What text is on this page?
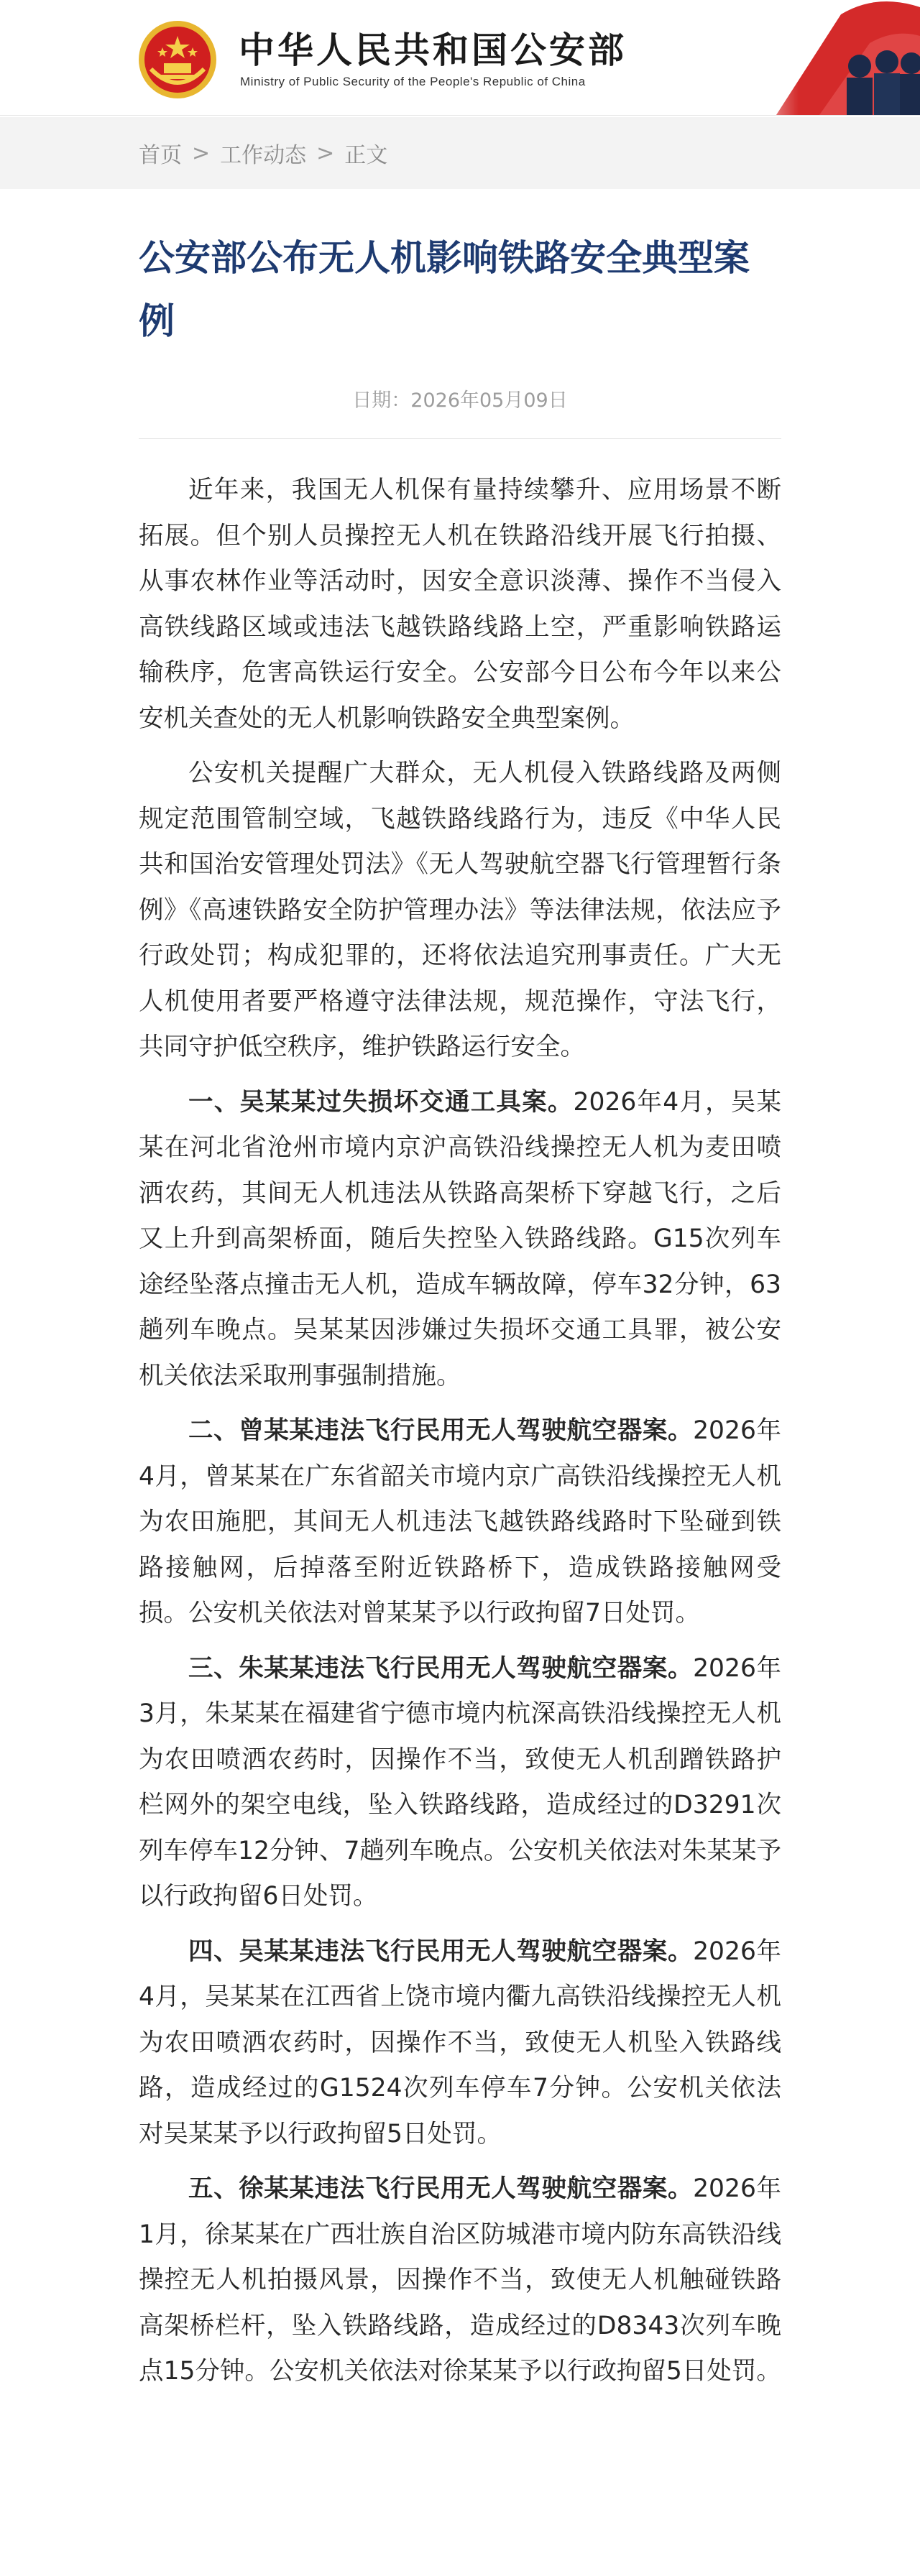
中华人民共和国公安部
Ministry of Public Security of the People's Republic of China
首页 > 工作动态 > 正文
公安部公布无人机影响铁路安全典型案例
日期：2026年05月09日

近年来，我国无人机保有量持续攀升、应用场景不断拓展。但个别人员操控无人机在铁路沿线开展飞行拍摄、从事农林作业等活动时，因安全意识淡薄、操作不当侵入高铁线路区域或违法飞越铁路线路上空，严重影响铁路运输秩序，危害高铁运行安全。公安部今日公布今年以来公安机关查处的无人机影响铁路安全典型案例。

公安机关提醒广大群众，无人机侵入铁路线路及两侧规定范围管制空域，飞越铁路线路行为，违反《中华人民共和国治安管理处罚法》《无人驾驶航空器飞行管理暂行条例》《高速铁路安全防护管理办法》等法律法规，依法应予行政处罚；构成犯罪的，还将依法追究刑事责任。广大无人机使用者要严格遵守法律法规，规范操作，守法飞行，共同守护低空秩序，维护铁路运行安全。

一、吴某某过失损坏交通工具案。2026年4月，吴某某在河北省沧州市境内京沪高铁沿线操控无人机为麦田喷洒农药，其间无人机违法从铁路高架桥下穿越飞行，之后又上升到高架桥面，随后失控坠入铁路线路。G15次列车途经坠落点撞击无人机，造成车辆故障，停车32分钟，63趟列车晚点。吴某某因涉嫌过失损坏交通工具罪，被公安机关依法采取刑事强制措施。

二、曾某某违法飞行民用无人驾驶航空器案。2026年4月，曾某某在广东省韶关市境内京广高铁沿线操控无人机为农田施肥，其间无人机违法飞越铁路线路时下坠碰到铁路接触网，后掉落至附近铁路桥下，造成铁路接触网受损。公安机关依法对曾某某予以行政拘留7日处罚。

三、朱某某违法飞行民用无人驾驶航空器案。2026年3月，朱某某在福建省宁德市境内杭深高铁沿线操控无人机为农田喷洒农药时，因操作不当，致使无人机刮蹭铁路护栏网外的架空电线，坠入铁路线路，造成经过的D3291次列车停车12分钟、7趟列车晚点。公安机关依法对朱某某予以行政拘留6日处罚。

四、吴某某违法飞行民用无人驾驶航空器案。2026年4月，吴某某在江西省上饶市境内衢九高铁沿线操控无人机为农田喷洒农药时，因操作不当，致使无人机坠入铁路线路，造成经过的G1524次列车停车7分钟。公安机关依法对吴某某予以行政拘留5日处罚。

五、徐某某违法飞行民用无人驾驶航空器案。2026年1月，徐某某在广西壮族自治区防城港市境内防东高铁沿线操控无人机拍摄风景，因操作不当，致使无人机触碰铁路高架桥栏杆，坠入铁路线路，造成经过的D8343次列车晚点15分钟。公安机关依法对徐某某予以行政拘留5日处罚。
